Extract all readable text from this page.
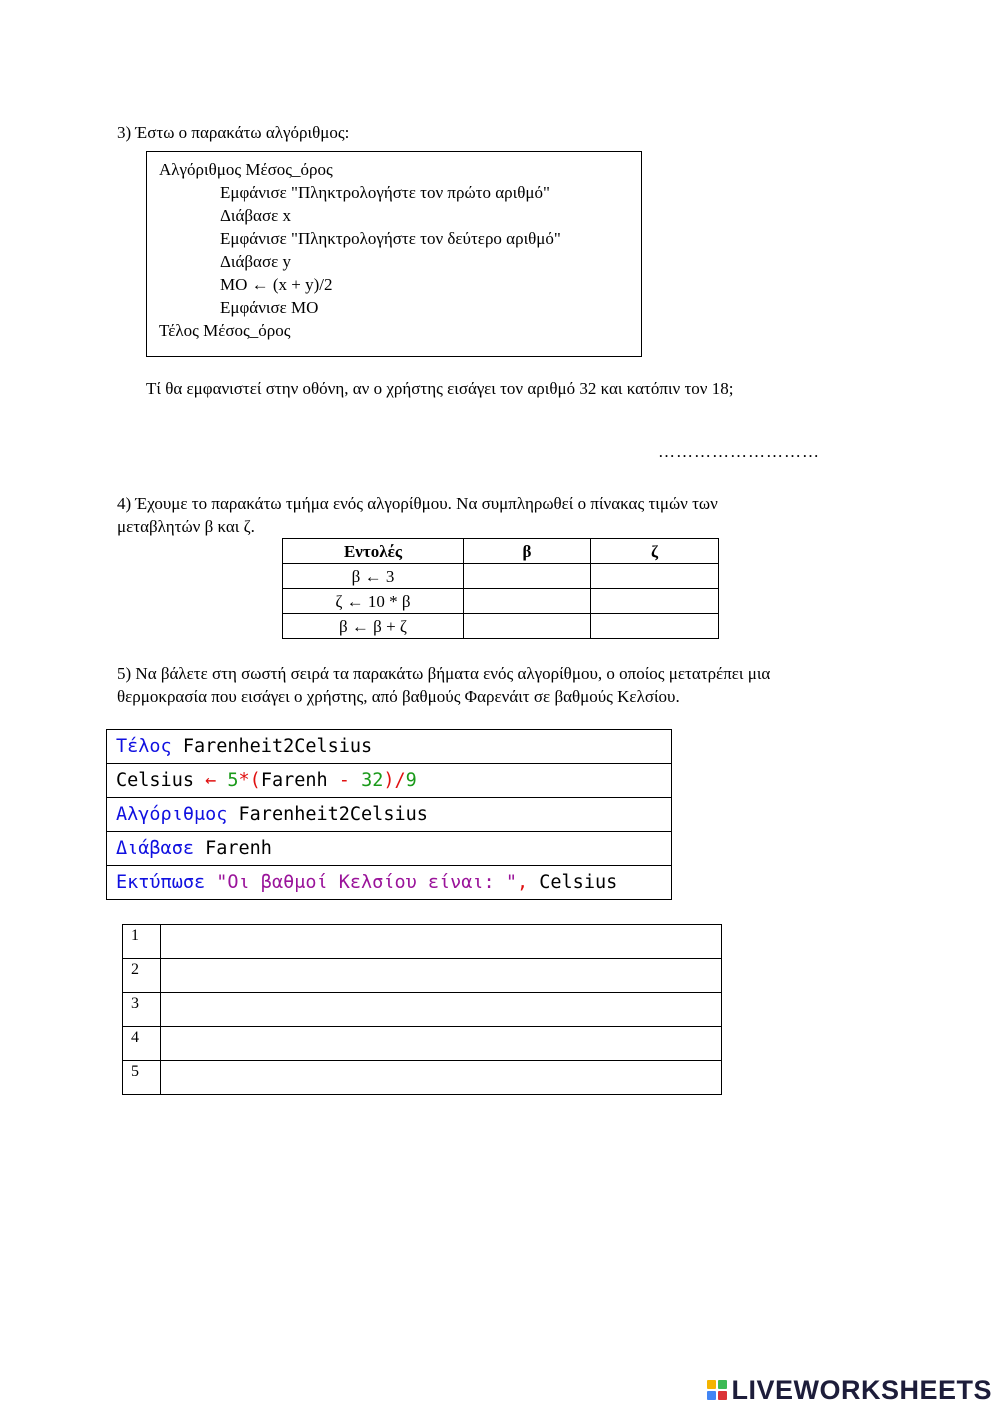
3) Έστω ο παρακάτω αλγόριθμος:
Αλγόριθμος Μέσος_όρος
Εμφάνισε "Πληκτρολογήστε τον πρώτο αριθμό"
Διάβασε x
Εμφάνισε "Πληκτρολογήστε τον δεύτερο αριθμό"
Διάβασε y
ΜΟ ← (x + y)/2
Εμφάνισε ΜΟ
Τέλος Μέσος_όρος
Τί θα εμφανιστεί στην οθόνη, αν ο χρήστης εισάγει τον αριθμό 32 και κατόπιν τον 18;
………………………
4) Έχουμε το παρακάτω τμήμα ενός αλγορίθμου. Να συμπληρωθεί ο πίνακας τιμών των
μεταβλητών β και ζ.
Εντολές	β	ζ
β ← 3		
ζ ← 10 * β		
β ← β + ζ		
5) Να βάλετε στη σωστή σειρά τα παρακάτω βήματα ενός αλγορίθμου, ο οποίος μετατρέπει μια
θερμοκρασία που εισάγει ο χρήστης, από βαθμούς Φαρενάιτ σε βαθμούς Κελσίου.
Τέλος Farenheit2Celsius
Celsius ← 5*(Farenh - 32)/9
Αλγόριθμος Farenheit2Celsius
Διάβασε Farenh
Εκτύπωσε "Οι βαθμοί Κελσίου είναι: ", Celsius
1	
2	
3	
4	
5	
LIVEWORKSHEETS
